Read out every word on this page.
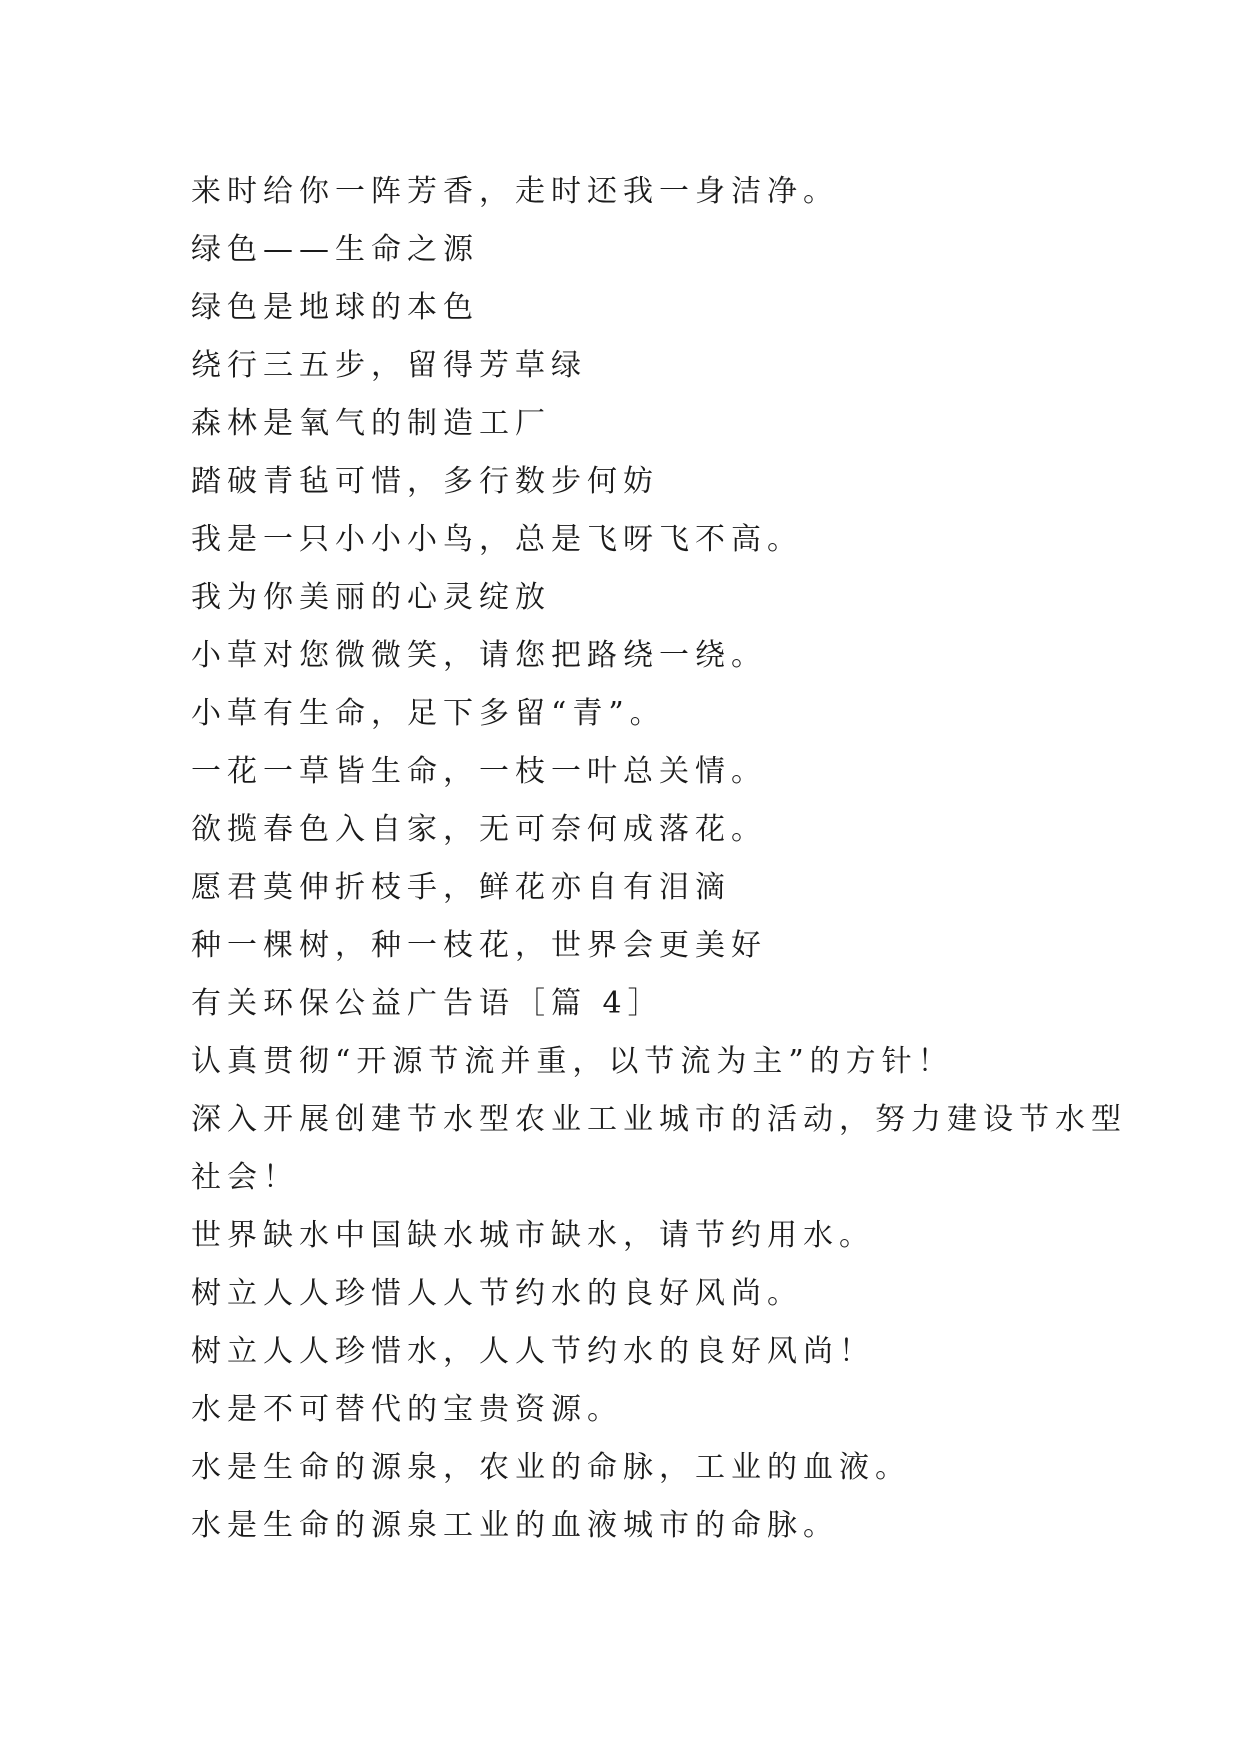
来时给你一阵芳香，走时还我一身洁净。
绿色——生命之源
绿色是地球的本色
绕行三五步，留得芳草绿
森林是氧气的制造工厂
踏破青毡可惜，多行数步何妨
我是一只小小小鸟，总是飞呀飞不高。
我为你美丽的心灵绽放
小草对您微微笑，请您把路绕一绕。
小草有生命，足下多留“青”。
一花一草皆生命，一枝一叶总关情。
欲揽春色入自家，无可奈何成落花。
愿君莫伸折枝手，鲜花亦自有泪滴
种一棵树，种一枝花，世界会更美好
有关环保公益广告语［篇 4］
认真贯彻“开源节流并重，以节流为主”的方针！
深入开展创建节水型农业工业城市的活动，努力建设节水型
社会！
世界缺水中国缺水城市缺水，请节约用水。
树立人人珍惜人人节约水的良好风尚。
树立人人珍惜水，人人节约水的良好风尚！
水是不可替代的宝贵资源。
水是生命的源泉，农业的命脉，工业的血液。
水是生命的源泉工业的血液城市的命脉。
